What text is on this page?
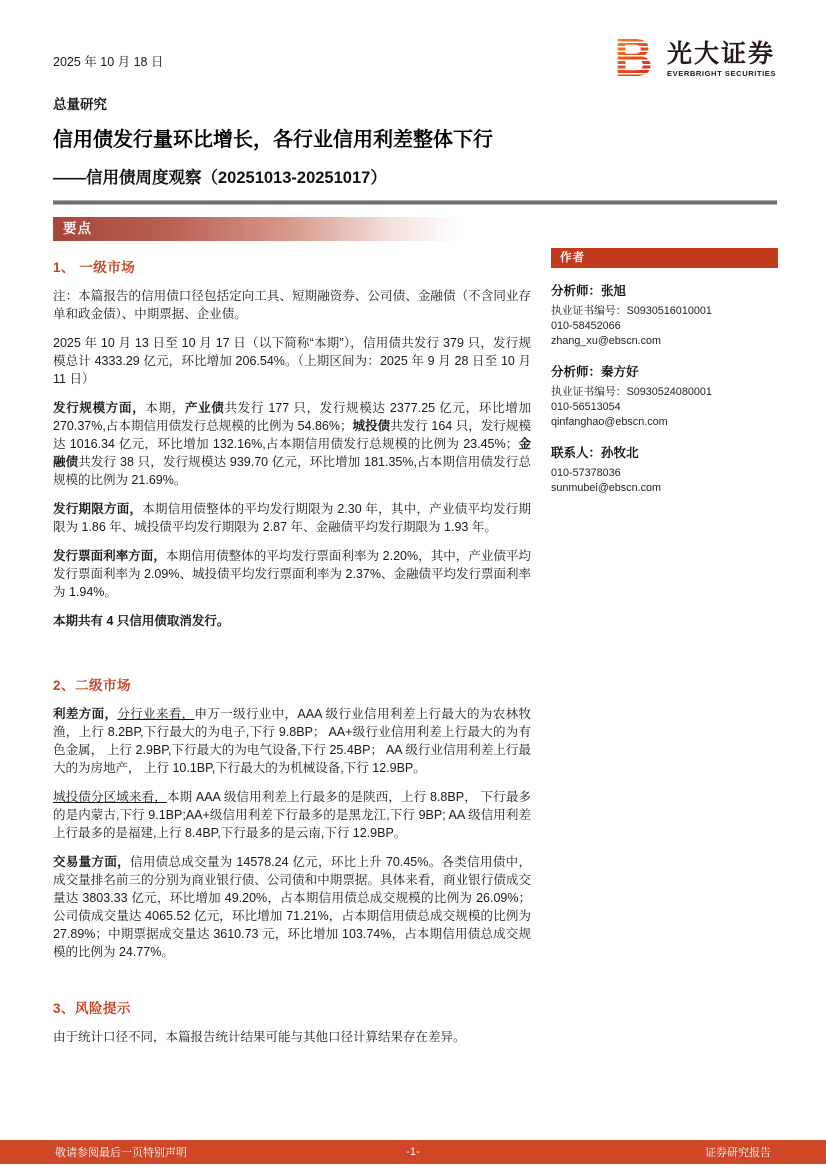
2025 年 10 月 18 日	光大证券
EVERBRIGHT SECURITIES
总量研究
信用债发行量环比增长，各行业信用利差整体下行
——信用债周度观察（20251013-20251017）
要点
1、 一级市场

注：本篇报告的信用债口径包括定向工具、短期融资券、公司债、金融债（不含同业存单和政金债）、中期票据、企业债。

2025 年 10 月 13 日至 10 月 17 日（以下简称“本期”），信用债共发行 379 只，发行规模总计 4333.29 亿元，环比增加 206.54%。（上期区间为：2025 年 9 月 28 日至 10 月 11 日）

发行规模方面，本期，产业债共发行 177 只，发行规模达 2377.25 亿元，环比增加 270.37%,占本期信用债发行总规模的比例为 54.86%；城投债共发行 164 只，发行规模达 1016.34 亿元，环比增加 132.16%,占本期信用债发行总规模的比例为 23.45%；金融债共发行 38 只，发行规模达 939.70 亿元，环比增加 181.35%,占本期信用债发行总规模的比例为 21.69%。

发行期限方面，本期信用债整体的平均发行期限为 2.30 年，其中，产业债平均发行期限为 1.86 年、城投债平均发行期限为 2.87 年、金融债平均发行期限为 1.93 年。

发行票面利率方面，本期信用债整体的平均发行票面利率为 2.20%，其中，产业债平均发行票面利率为 2.09%、城投债平均发行票面利率为 2.37%、金融债平均发行票面利率为 1.94%。

本期共有 4 只信用债取消发行。

2、二级市场

利差方面，分行业来看，申万一级行业中，AAA 级行业信用利差上行最大的为农林牧渔，上行 8.2BP,下行最大的为电子,下行 9.8BP； AA+级行业信用利差上行最大的为有色金属， 上行 2.9BP,下行最大的为电气设备,下行 25.4BP； AA 级行业信用利差上行最大的为房地产， 上行 10.1BP,下行最大的为机械设备,下行 12.9BP。

城投债分区域来看，本期 AAA 级信用利差上行最多的是陕西，上行 8.8BP， 下行最多的是内蒙古,下行 9.1BP;AA+级信用利差下行最多的是黑龙江,下行 9BP; AA 级信用利差上行最多的是福建,上行 8.4BP,下行最多的是云南,下行 12.9BP。

交易量方面，信用债总成交量为 14578.24 亿元，环比上升 70.45%。各类信用债中，成交量排名前三的分别为商业银行债、公司债和中期票据。具体来看，商业银行债成交量达 3803.33 亿元，环比增加 49.20%，占本期信用债总成交规模的比例为 26.09%；公司债成交量达 4065.52 亿元，环比增加 71.21%，占本期信用债总成交规模的比例为 27.89%；中期票据成交量达 3610.73 元，环比增加 103.74%，占本期信用债总成交规模的比例为 24.77%。

3、风险提示

由于统计口径不同，本篇报告统计结果可能与其他口径计算结果存在差异。

作者
分析师：张旭
执业证书编号：S0930516010001
010-58452066
zhang_xu@ebscn.com
分析师：秦方好
执业证书编号：S0930524080001
010-56513054
qinfanghao@ebscn.com
联系人：孙牧北
010-57378036
sunmubei@ebscn.com
敬请参阅最后一页特别声明	-1-	证券研究报告
